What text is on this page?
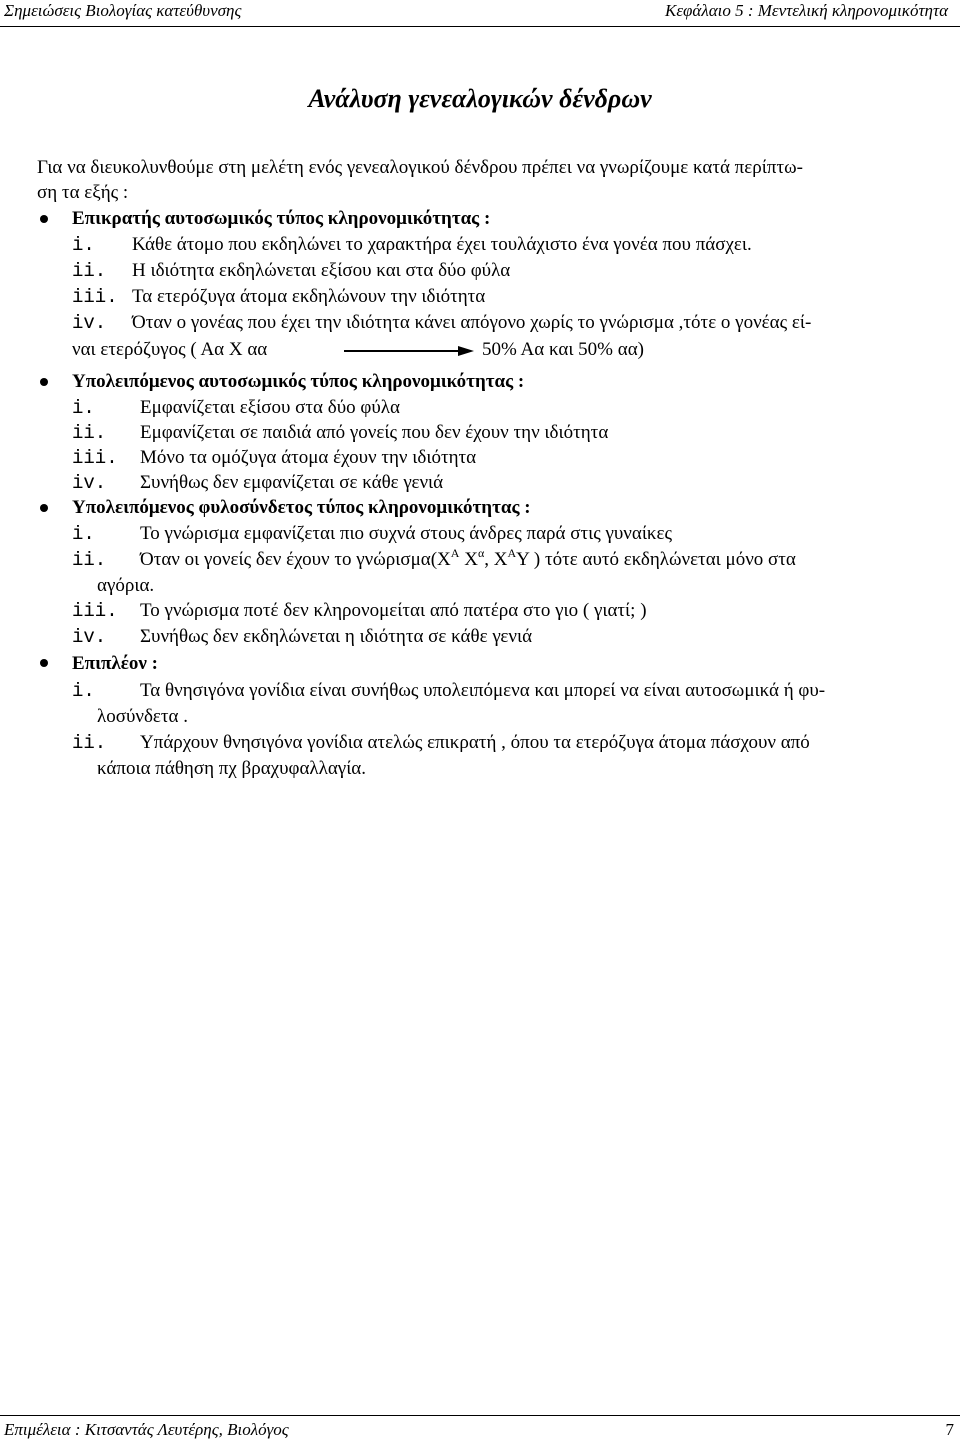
Σημειώσεις Βιολογίας κατεύθυνσης	Κεφάλαιο 5 : Μεντελική κληρονομικότητα
Ανάλυση γενεαλογικών δένδρων
Για να διευκολυνθούμε στη μελέτη ενός γενεαλογικού δένδρου πρέπει να γνωρίζουμε κατά περίπτω-
ση τα εξής :
Επικρατής αυτοσωμικός τύπος κληρονομικότητας :
i. Κάθε άτομο που εκδηλώνει το χαρακτήρα έχει τουλάχιστο ένα γονέα που πάσχει.
ii. Η ιδιότητα εκδηλώνεται εξίσου και στα δύο φύλα
iii. Τα ετερόζυγα άτομα εκδηλώνουν την ιδιότητα
iv. Όταν ο γονέας που έχει την ιδιότητα κάνει απόγονο χωρίς το γνώρισμα ,τότε ο γονέας εί-
ναι ετερόζυγος ( Αα Χ αα	50% Αα και 50% αα)
Υπολειπόμενος αυτοσωμικός τύπος κληρονομικότητας :
i. Εμφανίζεται εξίσου στα δύο φύλα
ii. Εμφανίζεται σε παιδιά από γονείς που δεν έχουν την ιδιότητα
iii. Μόνο τα ομόζυγα άτομα έχουν την ιδιότητα
iv. Συνήθως δεν εμφανίζεται σε κάθε γενιά
Υπολειπόμενος φυλοσύνδετος τύπος κληρονομικότητας :
i. Το γνώρισμα εμφανίζεται πιο συχνά στους άνδρες παρά στις γυναίκες
ii. Όταν οι γονείς δεν έχουν το $\gamma\nu ώ\rho\iota\sigma\mu\alpha(X^A$ $X^\alpha$, $X^A\Upsilon$ ) τότε αυτό εκδηλώνεται μόνο στα
αγόρια.
iii. Το γνώρισμα ποτέ δεν κληρονομείται από πατέρα στο γιο ( γιατί; )
iv. Συνήθως δεν εκδηλώνεται η ιδιότητα σε κάθε γενιά
Επιπλέον :
i. Τα θνησιγόνα γονίδια είναι συνήθως υπολειπόμενα και μπορεί να είναι αυτοσωμικά ή φυ-
λοσύνδετα .
ii. Υπάρχουν θνησιγόνα γονίδια ατελώς επικρατή , όπου τα ετερόζυγα άτομα πάσχουν από
κάποια πάθηση πχ βραχυφαλλαγία.
Επιμέλεια : Κιτσαντάς Λευτέρης, Βιολόγος	7
